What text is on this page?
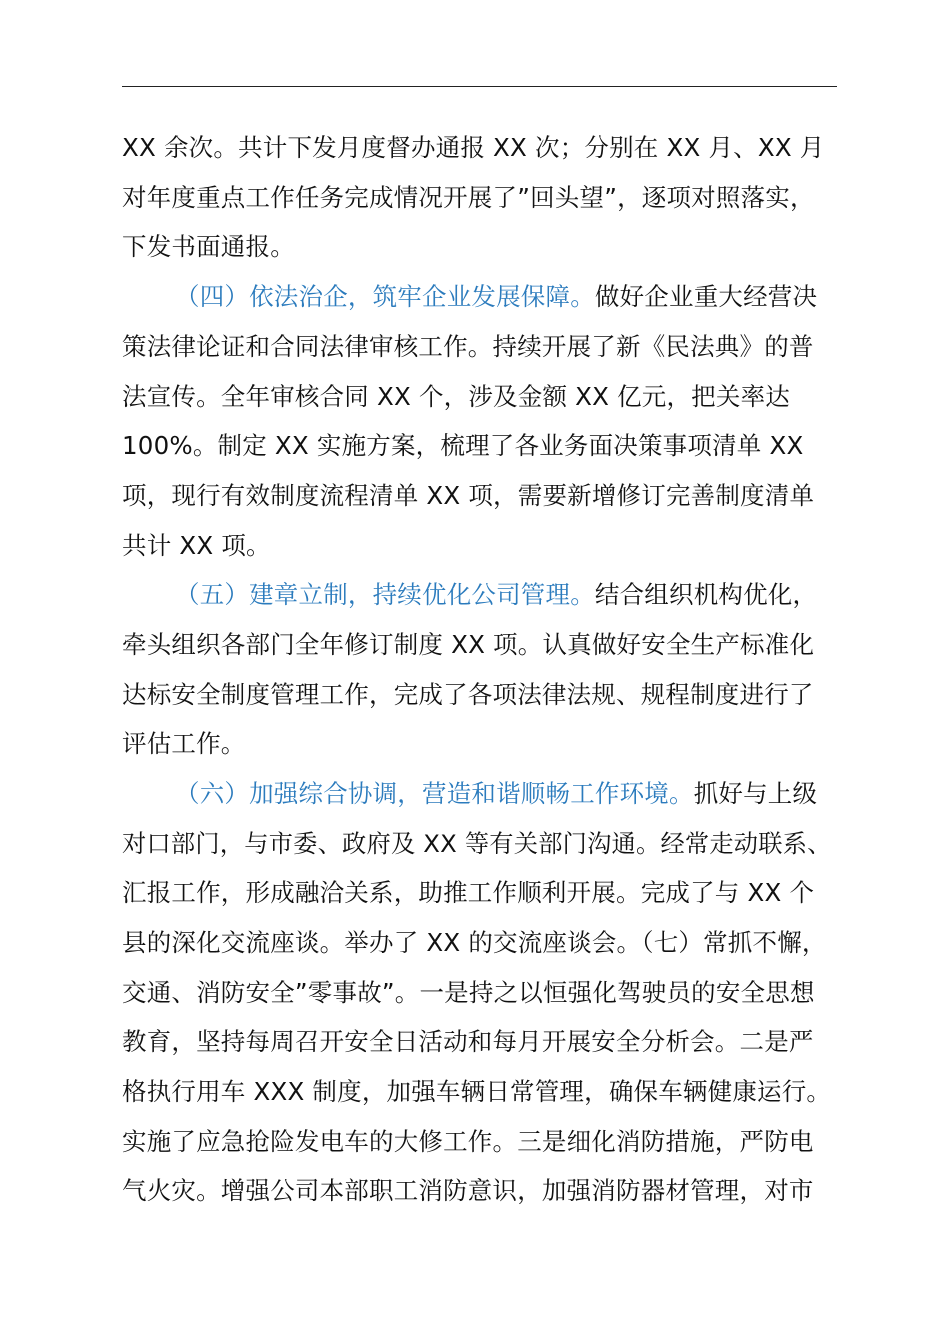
XX 余次。共计下发月度督办通报 XX 次；分别在 XX 月、XX 月
对年度重点工作任务完成情况开展了”回头望”，逐项对照落实，
下发书面通报。
（四）依法治企，筑牢企业发展保障。做好企业重大经营决
策法律论证和合同法律审核工作。持续开展了新《民法典》的普
法宣传。全年审核合同 XX 个，涉及金额 XX 亿元，把关率达
100%。制定 XX 实施方案，梳理了各业务面决策事项清单 XX
项，现行有效制度流程清单 XX 项，需要新增修订完善制度清单
共计 XX 项。
（五）建章立制，持续优化公司管理。结合组织机构优化，
牵头组织各部门全年修订制度 XX 项。认真做好安全生产标准化
达标安全制度管理工作，完成了各项法律法规、规程制度进行了
评估工作。
（六）加强综合协调，营造和谐顺畅工作环境。抓好与上级
对口部门，与市委、政府及 XX 等有关部门沟通。经常走动联系、
汇报工作，形成融洽关系，助推工作顺利开展。完成了与 XX 个
县的深化交流座谈。举办了 XX 的交流座谈会。（七）常抓不懈，
交通、消防安全”零事故”。一是持之以恒强化驾驶员的安全思想
教育，坚持每周召开安全日活动和每月开展安全分析会。二是严
格执行用车 XXX 制度，加强车辆日常管理，确保车辆健康运行。
实施了应急抢险发电车的大修工作。三是细化消防措施，严防电
气火灾。增强公司本部职工消防意识，加强消防器材管理，对市
